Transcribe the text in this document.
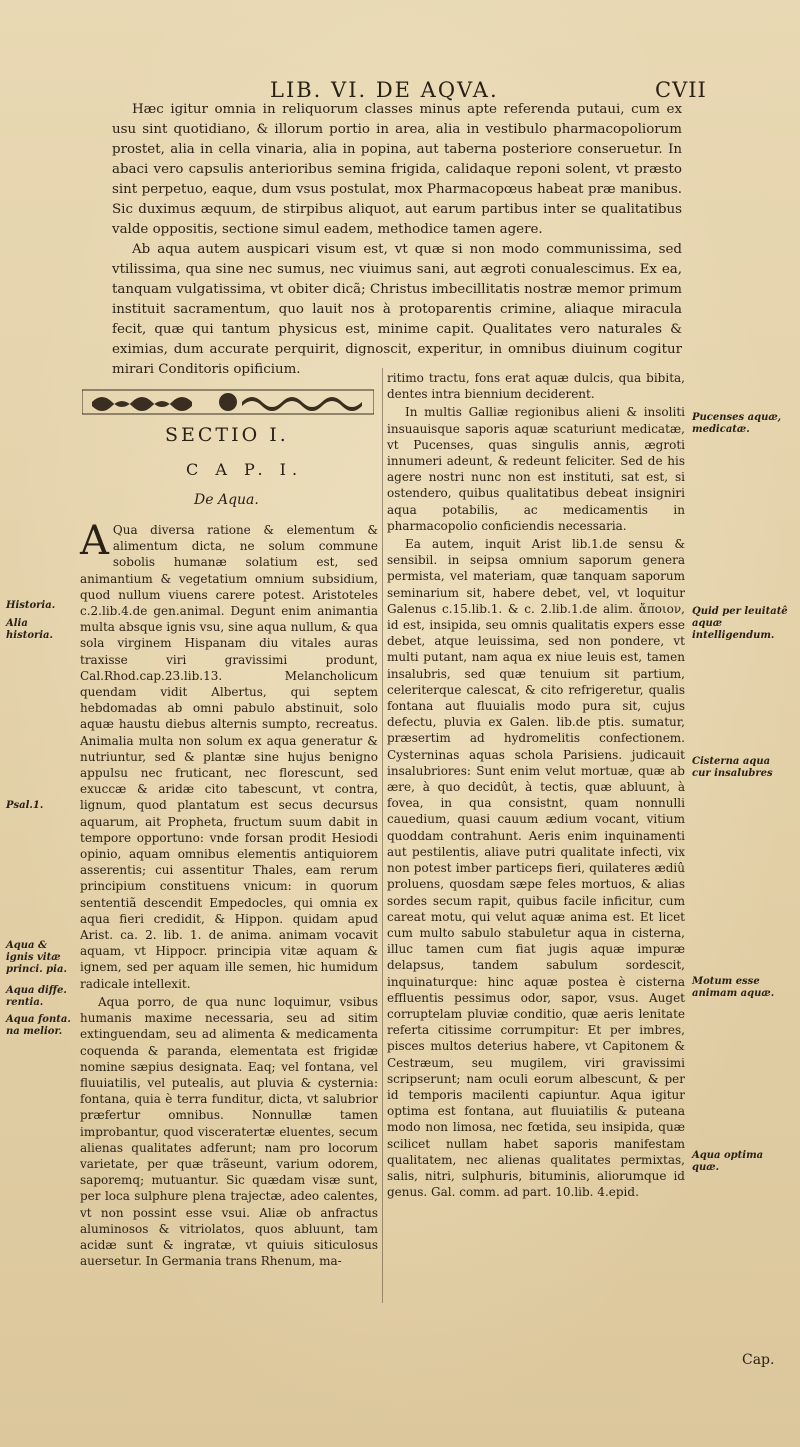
LIB. VI. DE AQVA.	CVII

Hæc igitur omnia in reliquorum classes minus apte referenda putaui, cum ex usu sint quotidiano, & illorum portio in area, alia in vestibulo pharmacopoliorum prostet, alia in cella vinaria, alia in popina, aut taberna posteriore conseruetur. In abaci vero capsulis anterioribus semina frigida, calidaque reponi solent, vt præsto sint perpetuo, eaque, dum vsus postulat, mox Pharmacopœus habeat præ manibus. Sic duximus æquum, de stirpibus aliquot, aut earum partibus inter se qualitatibus valde oppositis, sectione simul eadem, methodice tamen agere.

Ab aqua autem auspicari visum est, vt quæ si non modo communissima, sed vtilissima, qua sine nec sumus, nec viuimus sani, aut ægroti conualescimus. Ex ea, tanquam vulgatissima, vt obiter dicã; Christus imbecillitatis nostræ memor primum instituit sacramentum, quo lauit nos à protoparentis crimine, aliaque miracula fecit, quæ qui tantum physicus est, minime capit. Qualitates vero naturales & eximias, dum accurate perquirit, dignoscit, experitur, in omnibus diuinum cogitur mirari Conditoris opificium.

SECTIO I.
C A P. I.
De Aqua.

A Qua diversa ratione & elementum & alimentum dicta, ne solum commune sobolis humanæ solatium est, sed animantium & vegetatium omnium subsidium, quod nullum viuens carere potest. Aristoteles c.2.lib.4.de gen.animal. Degunt enim animantia multa absque ignis vsu, sine aqua nullum, & qua sola virginem Hispanam diu vitales auras traxisse viri gravissimi produnt, Cal.Rhod.cap.23.lib.13. Melancholicum quendam vidit Albertus, qui septem hebdomadas ab omni pabulo abstinuit, solo aquæ haustu diebus alternis sumpto, recreatus. Animalia multa non solum ex aqua generatur & nutriuntur, sed & plantæ sine hujus benigno appulsu nec fruticant, nec florescunt, sed exuccæ & aridæ cito tabescunt, vt contra, lignum, quod plantatum est secus decursus aquarum, ait Propheta, fructum suum dabit in tempore opportuno: vnde forsan prodit Hesiodi opinio, aquam omnibus elementis antiquiorem asserentis; cui assentitur Thales, eam rerum principium constituens vnicum: in quorum sententiã descendit Empedocles, qui omnia ex aqua fieri credidit, & Hippon. quidam apud Arist. ca. 2. lib. 1. de anima. animam vocavit aquam, vt Hippocr. principia vitæ aquam & ignem, sed per aquam ille semen, hic humidum radicale intellexit.

Aqua porro, de qua nunc loquimur, vsibus humanis maxime necessaria, seu ad sitim extinguendam, seu ad alimenta & medicamenta coquenda & paranda, elementata est frigidæ nomine sæpius designata. Eaq; vel fontana, vel fluuiatilis, vel putealis, aut pluvia & cysternia: fontana, quia è terra funditur, dicta, vt salubrior præfertur omnibus. Nonnullæ tamen improbantur, quod visceratertæ eluentes, secum alienas qualitates adferunt; nam pro locorum varietate, per quæ trãseunt, varium odorem, saporemq; mutuantur. Sic quædam visæ sunt, per loca sulphure plena trajectæ, adeo calentes, vt non possint esse vsui. Aliæ ob anfractus aluminosos & vitriolatos, quos abluunt, tam acidæ sunt & ingratæ, vt quiuis siticulosus auersetur. In Germania trans Rhenum, ma-

ritimo tractu, fons erat aquæ dulcis, qua bibita, dentes intra biennium deciderent.

In multis Galliæ regionibus alieni & insoliti insuauisque saporis aquæ scaturiunt medicatæ, vt Pucenses, quas singulis annis, ægroti innumeri adeunt, & redeunt feliciter. Sed de his agere nostri nunc non est instituti, sat est, si ostendero, quibus qualitatibus debeat insigniri aqua potabilis, ac medicamentis in pharmacopolio conficiendis necessaria.

Ea autem, inquit Arist lib.1.de sensu & sensibil. in seipsa omnium saporum genera permista, vel materiam, quæ tanquam saporum seminarium sit, habere debet, vel, vt loquitur Galenus c.15.lib.1. & c. 2.lib.1.de alim. ἄποιον, id est, insipida, seu omnis qualitatis expers esse debet, atque leuissima, sed non pondere, vt multi putant, nam aqua ex niue leuis est, tamen insalubris, sed quæ tenuium sit partium, celeriterque calescat, & cito refrigeretur, qualis fontana aut fluuialis modo pura sit, cujus defectu, pluvia ex Galen. lib.de ptis. sumatur, præsertim ad hydromelitis confectionem. Cysterninas aquas schola Parisiens. judicauit insalubriores: Sunt enim velut mortuæ, quæ ab ære, à quo decidût, à tectis, quæ abluunt, à fovea, in qua consistnt, quam nonnulli cauedium, quasi cauum ædium vocant, vitium quoddam contrahunt. Aeris enim inquinamenti aut pestilentis, aliave putri qualitate infecti, vix non potest imber particeps fieri, quilateres ædiû proluens, quosdam sæpe feles mortuos, & alias sordes secum rapit, quibus facile inficitur, cum careat motu, qui velut aquæ anima est. Et licet cum multo sabulo stabuletur aqua in cisterna, illuc tamen cum fiat jugis aquæ impuræ delapsus, tandem sabulum sordescit, inquinaturque: hinc aquæ postea è cisterna effluentis pessimus odor, sapor, vsus. Auget corruptelam pluviæ conditio, quæ aeris lenitate referta citissime corrumpitur: Et per imbres, pisces multos deterius habere, vt Capitonem & Cestræum, seu mugilem, viri gravissimi scripserunt; nam oculi eorum albescunt, & per id temporis macilenti capiuntur. Aqua igitur optima est fontana, aut fluuiatilis & puteana modo non limosa, nec fœtida, seu insipida, quæ scilicet nullam habet saporis manifestam qualitatem, nec alienas qualitates permixtas, salis, nitri, sulphuris, bituminis, aliorumque id genus. Gal. comm. ad part. 10.lib. 4.epid.

Historia.
Alia historia.
Psal.1.
Aqua & ignis vitæ princi. pia.
Aqua diffe. rentia.
Aqua fonta. na melior.
Pucenses aquæ, medicatæ.
Quid per leuitatê aquæ intelligendum.
Cisterna aqua cur insalubres
Motum esse animam aquæ.
Aqua optima quæ.
Cap.
